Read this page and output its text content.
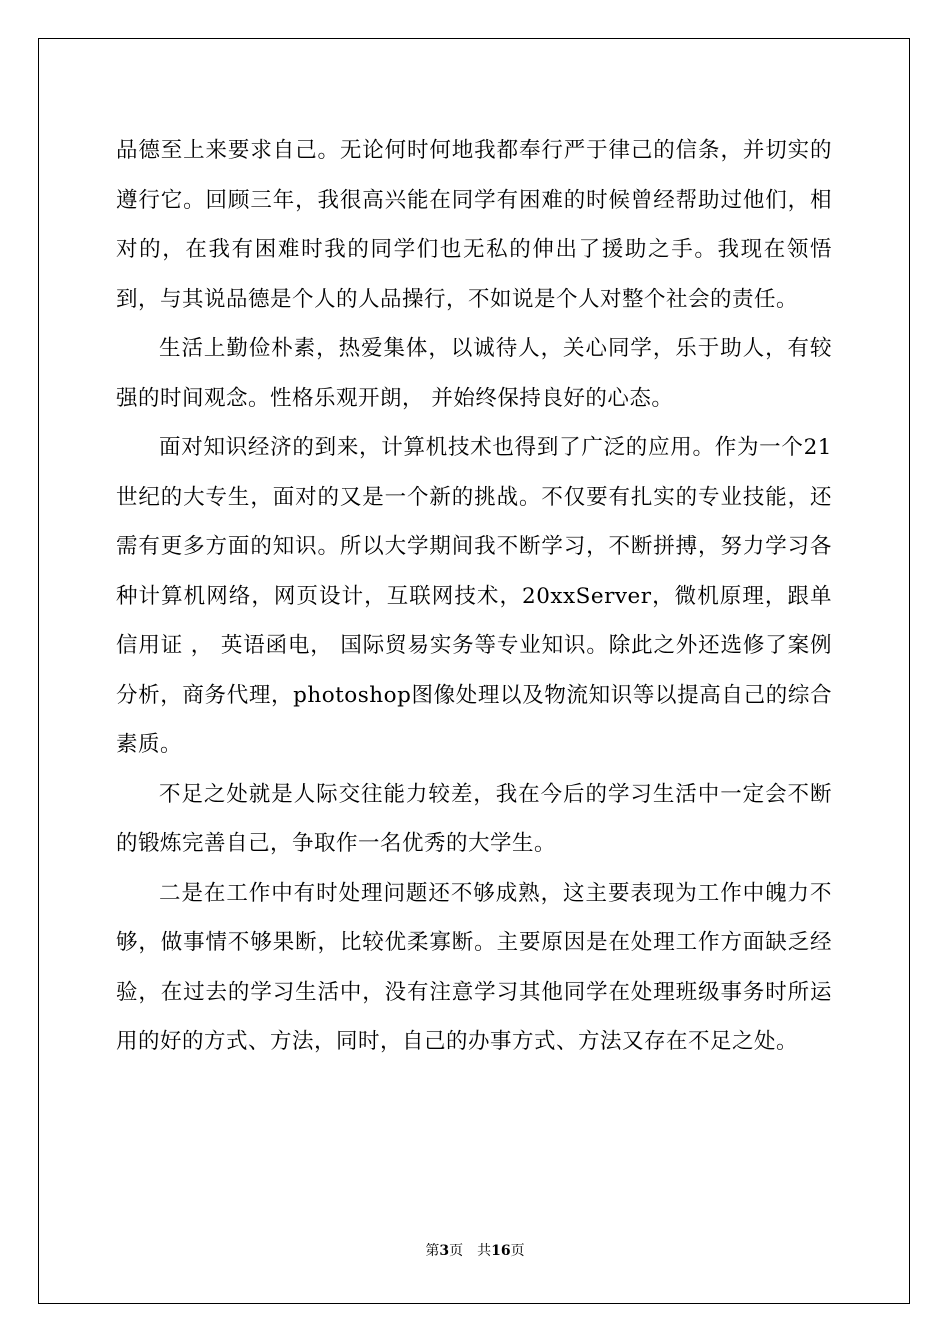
品德至上来要求自己。无论何时何地我都奉行严于律己的信条，并切实的遵行它。回顾三年，我很高兴能在同学有困难的时候曾经帮助过他们，相对的，在我有困难时我的同学们也无私的伸出了援助之手。我现在领悟到，与其说品德是个人的人品操行，不如说是个人对整个社会的责任。

生活上勤俭朴素，热爱集体，以诚待人，关心同学，乐于助人，有较强的时间观念。性格乐观开朗， 并始终保持良好的心态。

面对知识经济的到来，计算机技术也得到了广泛的应用。作为一个21世纪的大专生，面对的又是一个新的挑战。不仅要有扎实的专业技能，还需有更多方面的知识。所以大学期间我不断学习，不断拼搏，努力学习各种计算机网络，网页设计，互联网技术，20xxServer，微机原理，跟单信用证 ， 英语函电， 国际贸易实务等专业知识。除此之外还选修了案例分析，商务代理，photoshop图像处理以及物流知识等以提高自己的综合素质。

不足之处就是人际交往能力较差，我在今后的学习生活中一定会不断的锻炼完善自己，争取作一名优秀的大学生。

二是在工作中有时处理问题还不够成熟，这主要表现为工作中魄力不够，做事情不够果断，比较优柔寡断。主要原因是在处理工作方面缺乏经验，在过去的学习生活中，没有注意学习其他同学在处理班级事务时所运用的好的方式、方法，同时，自己的办事方式、方法又存在不足之处。

第3页 共16页
